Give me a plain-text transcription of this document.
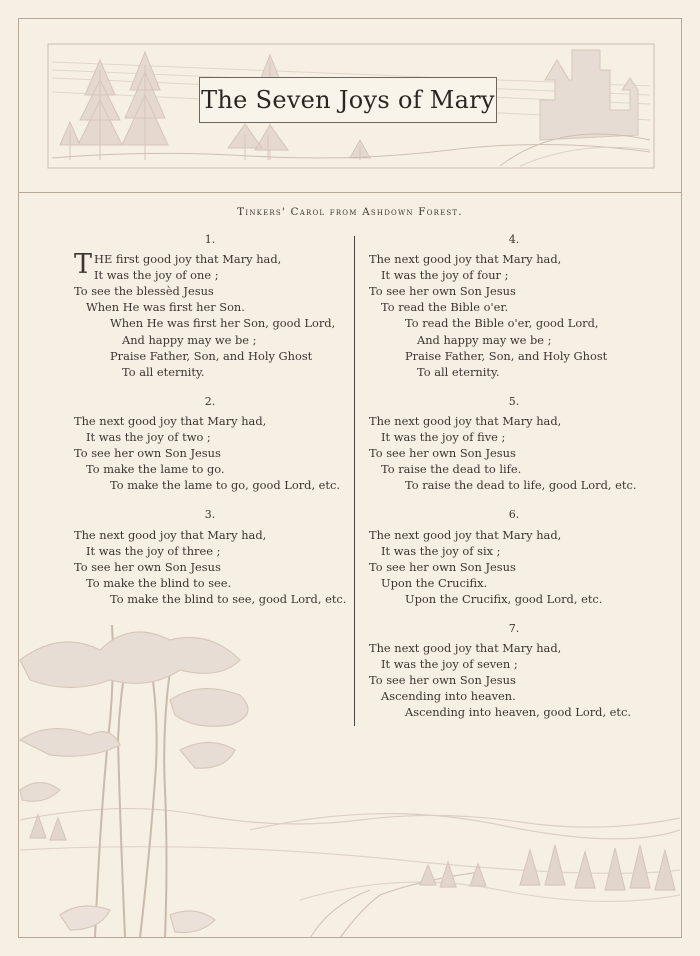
The Seven Joys of Mary
Tinkers' Carol from Ashdown Forest.
1.
THE first good joy that Mary had,
It was the joy of one ;
To see the blessèd Jesus
When He was first her Son.
When He was first her Son, good Lord,
And happy may we be ;
Praise Father, Son, and Holy Ghost
To all eternity.
2.
The next good joy that Mary had,
It was the joy of two ;
To see her own Son Jesus
To make the lame to go.
To make the lame to go, good Lord, etc.
3.
The next good joy that Mary had,
It was the joy of three ;
To see her own Son Jesus
To make the blind to see.
To make the blind to see, good Lord, etc.
4.
The next good joy that Mary had,
It was the joy of four ;
To see her own Son Jesus
To read the Bible o'er.
To read the Bible o'er, good Lord,
And happy may we be ;
Praise Father, Son, and Holy Ghost
To all eternity.
5.
The next good joy that Mary had,
It was the joy of five ;
To see her own Son Jesus
To raise the dead to life.
To raise the dead to life, good Lord, etc.
6.
The next good joy that Mary had,
It was the joy of six ;
To see her own Son Jesus
Upon the Crucifix.
Upon the Crucifix, good Lord, etc.
7.
The next good joy that Mary had,
It was the joy of seven ;
To see her own Son Jesus
Ascending into heaven.
Ascending into heaven, good Lord, etc.
